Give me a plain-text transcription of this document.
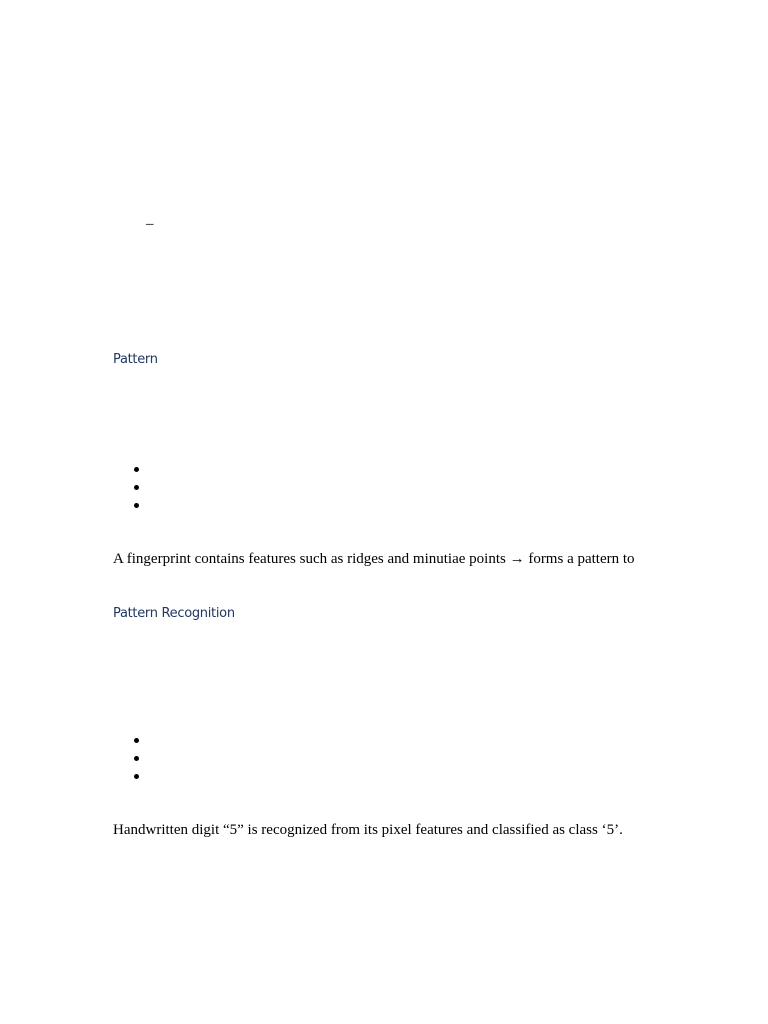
–
Pattern
A fingerprint contains features such as ridges and minutiae points → forms a pattern to
Pattern Recognition
Handwritten digit “5” is recognized from its pixel features and classified as class ‘5’.
